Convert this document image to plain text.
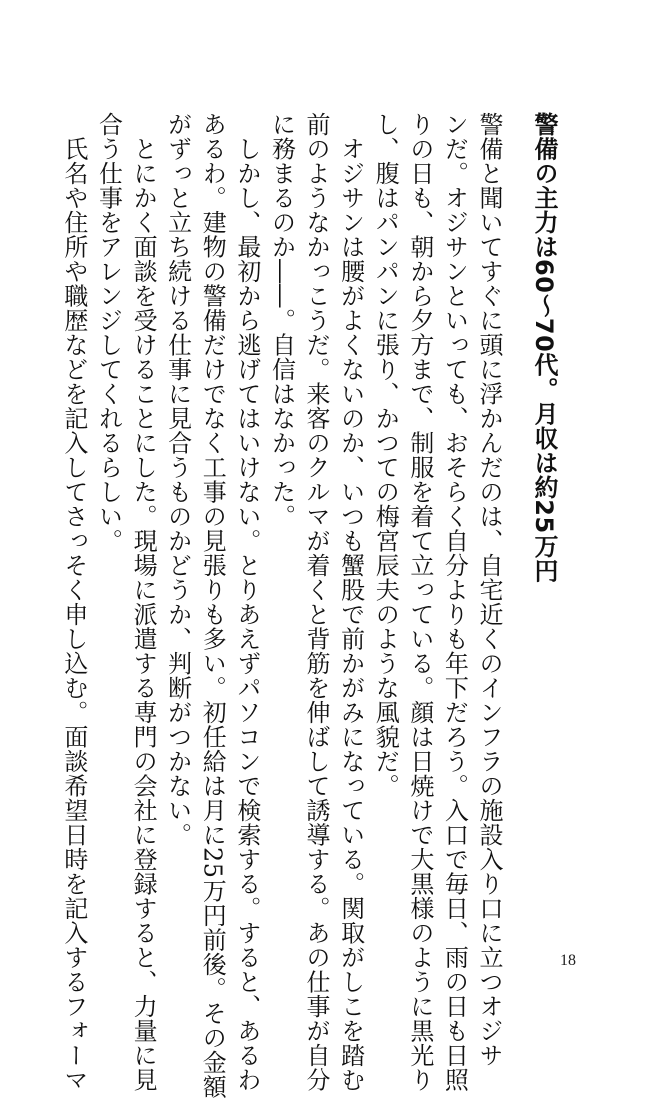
警備の主力は60〜70代。月収は約25万円
警備と聞いてすぐに頭に浮かんだのは、自宅近くのインフラの施設入り口に立つオジサ
ンだ。オジサンといっても、おそらく自分よりも年下だろう。入口で毎日、雨の日も日照
りの日も、朝から夕方まで、制服を着て立っている。顔は日焼けで大黒様のように黒光り
し、腹はパンパンに張り、かつての梅宮辰夫のような風貌だ。
　オジサンは腰がよくないのか、いつも蟹股で前かがみになっている。関取がしこを踏む
前のようなかっこうだ。来客のクルマが着くと背筋を伸ばして誘導する。あの仕事が自分
に務まるのか――。自信はなかった。
　しかし、最初から逃げてはいけない。とりあえずパソコンで検索する。すると、あるわ
あるわ。建物の警備だけでなく工事の見張りも多い。初任給は月に25万円前後。その金額
がずっと立ち続ける仕事に見合うものかどうか、判断がつかない。
　とにかく面談を受けることにした。現場に派遣する専門の会社に登録すると、力量に見
合う仕事をアレンジしてくれるらしい。
　氏名や住所や職歴などを記入してさっそく申し込む。面談希望日時を記入するフォーマ	18
